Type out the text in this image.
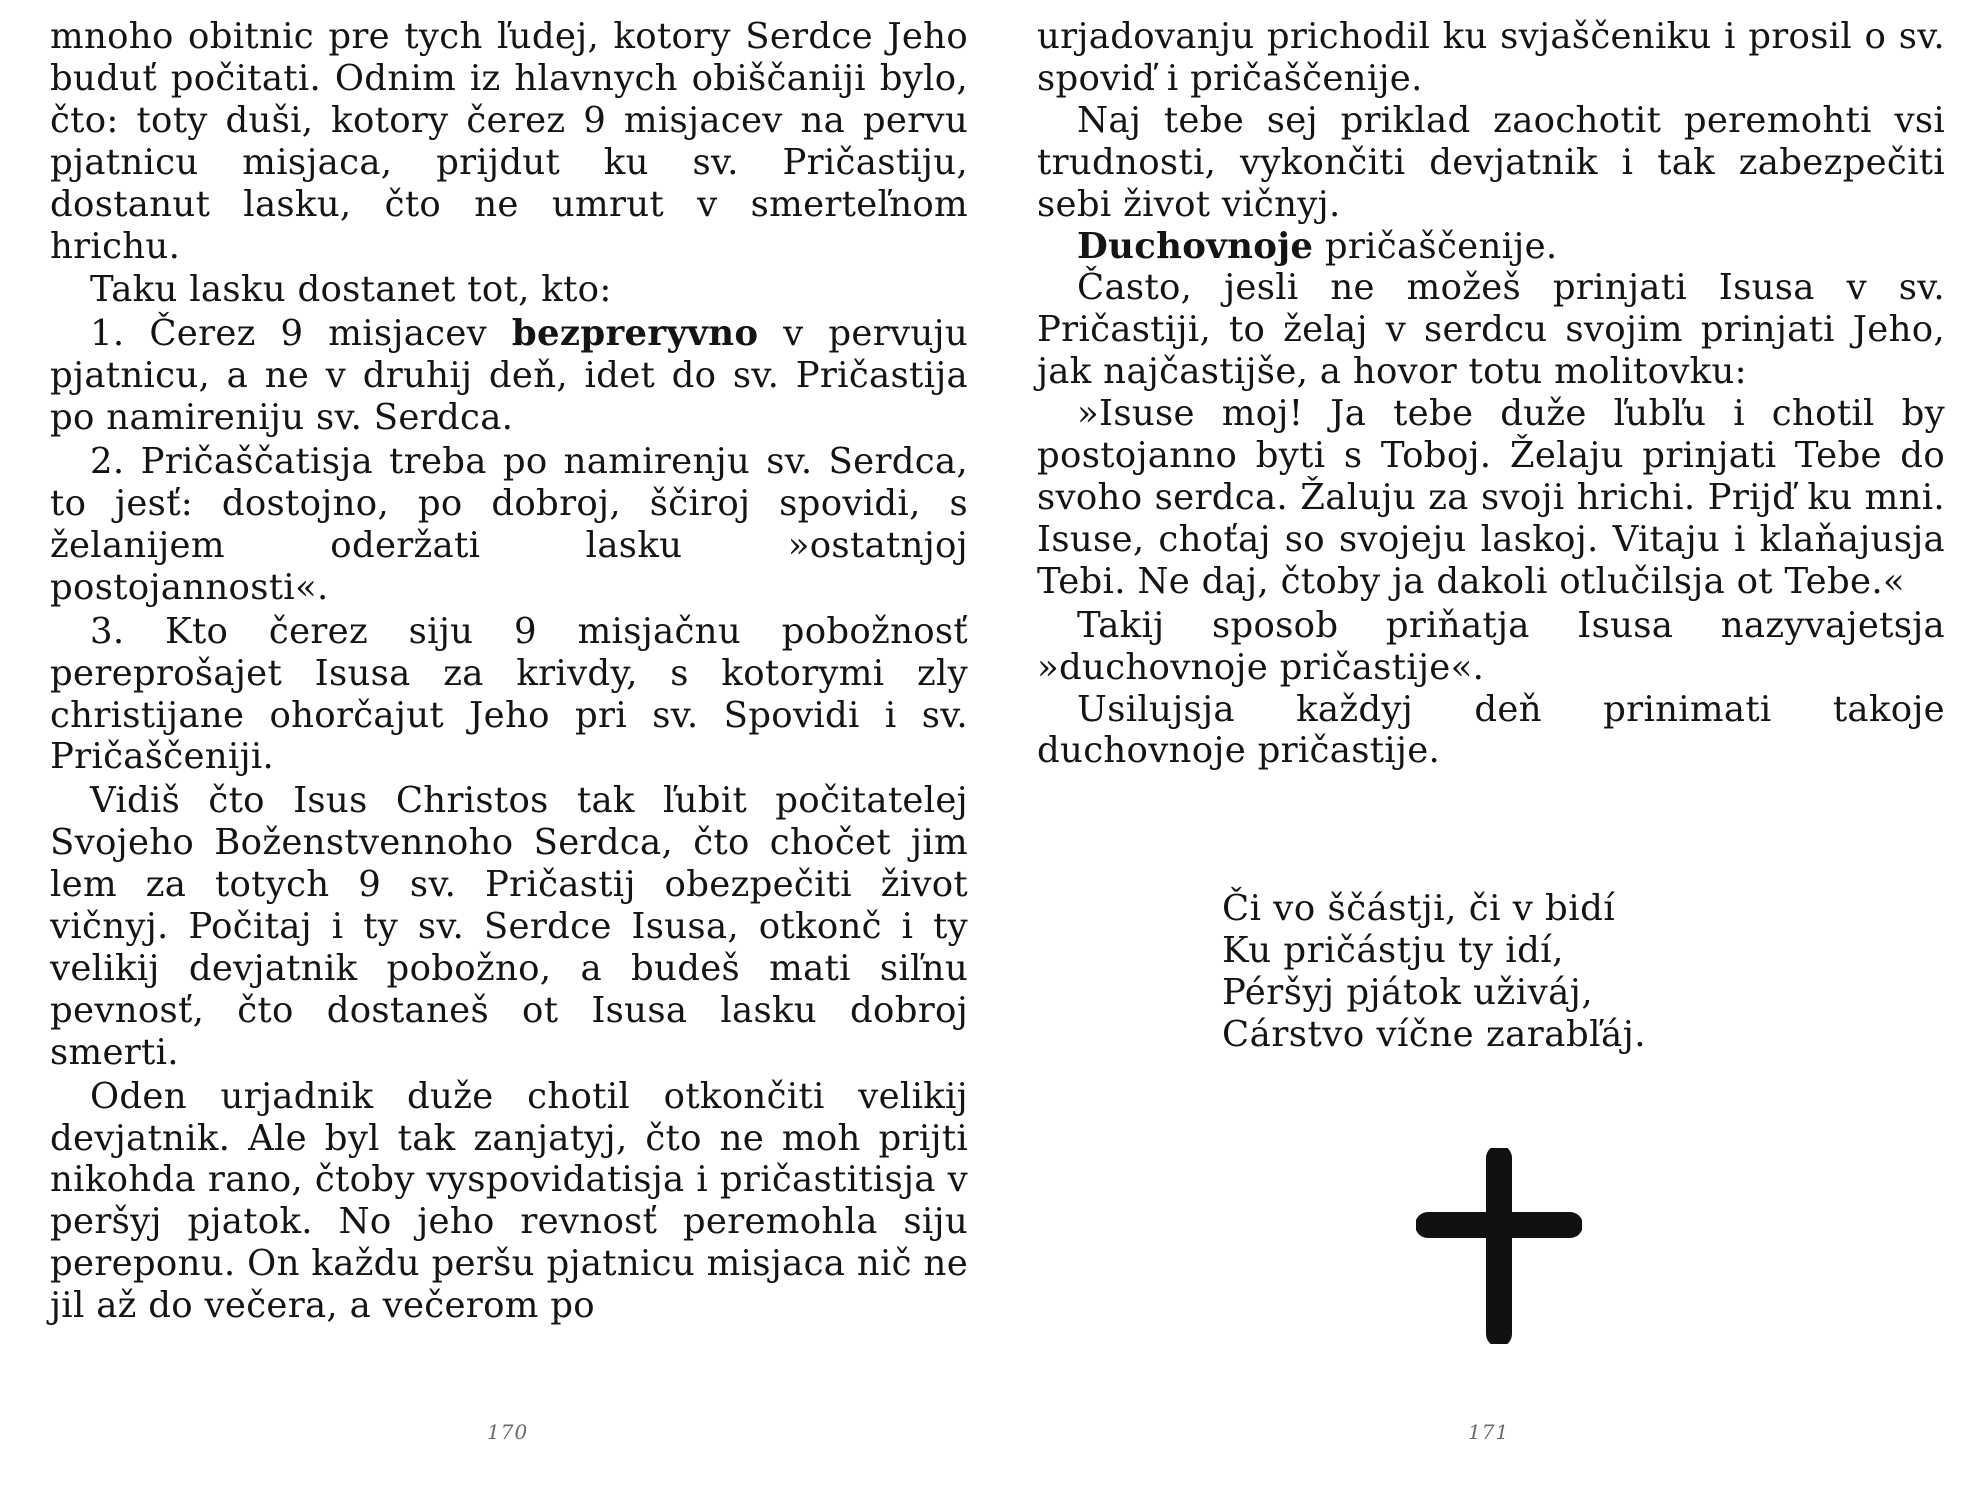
mnoho obitnic pre tych ľudej, kotory Serdce Jeho buduť počitati. Odnim iz hlavnych obiščaniji bylo, čto: toty duši, kotory čerez 9 misjacev na pervu pjatnicu misjaca, prijdut ku sv. Pričastiju, dostanut lasku, čto ne umrut v smerteľnom hrichu.

Taku lasku dostanet tot, kto:

1. Čerez 9 misjacev bezpreryvno v pervuju pjatnicu, a ne v druhij deň, idet do sv. Pričastija po namireniju sv. Serdca.

2. Pričaščatisja treba po namirenju sv. Serdca, to jesť: dostojno, po dobroj, ščiroj spovidi, s želanijem oderžati lasku »ostatnjoj postojannosti«.

3. Kto čerez siju 9 misjačnu pobožnosť pereprošajet Isusa za krivdy, s kotorymi zly christijane ohorčajut Jeho pri sv. Spovidi i sv. Pričaščeniji.

Vidiš čto Isus Christos tak ľubit počitatelej Svojeho Boženstvennoho Serdca, čto chočet jim lem za totych 9 sv. Pričastij obezpečiti život vičnyj. Počitaj i ty sv. Serdce Isusa, otkonč i ty velikij devjatnik pobožno, a budeš mati siľnu pevnosť, čto dostaneš ot Isusa lasku dobroj smerti.

Oden urjadnik duže chotil otkončiti velikij devjatnik. Ale byl tak zanjatyj, čto ne moh prijti nikohda rano, čtoby vyspovidatisja i pričastitisja v peršyj pjatok. No jeho revnosť peremohla siju pereponu. On každu peršu pjatnicu misjaca nič ne jil až do večera, a večerom po

urjadovanju prichodil ku svjaščeniku i prosil o sv. spoviď i pričaščenije.

Naj tebe sej priklad zaochotit peremohti vsi trudnosti, vykončiti devjatnik i tak zabezpečiti sebi život vičnyj.

Duchovnoje pričaščenije.

Často, jesli ne možeš prinjati Isusa v sv. Pričastiji, to želaj v serdcu svojim prinjati Jeho, jak najčastijše, a hovor totu molitovku:

»Isuse moj! Ja tebe duže ľubľu i chotil by postojanno byti s Toboj. Želaju prinjati Tebe do svoho serdca. Žaluju za svoji hrichi. Prijď ku mni. Isuse, choťaj so svojeju laskoj. Vitaju i klaňajusja Tebi. Ne daj, čtoby ja dakoli otlučilsja ot Tebe.«

Takij sposob priňatja Isusa nazyvajetsja »duchovnoje pričastije«.

Usilujsja každyj deň prinimati takoje duchovnoje pričastije.

Či vo ščástji, či v bidí
Ku pričástju ty idí,
Péršyj pjátok uživáj,
Cárstvo víčne zarabľáj.
170	171
